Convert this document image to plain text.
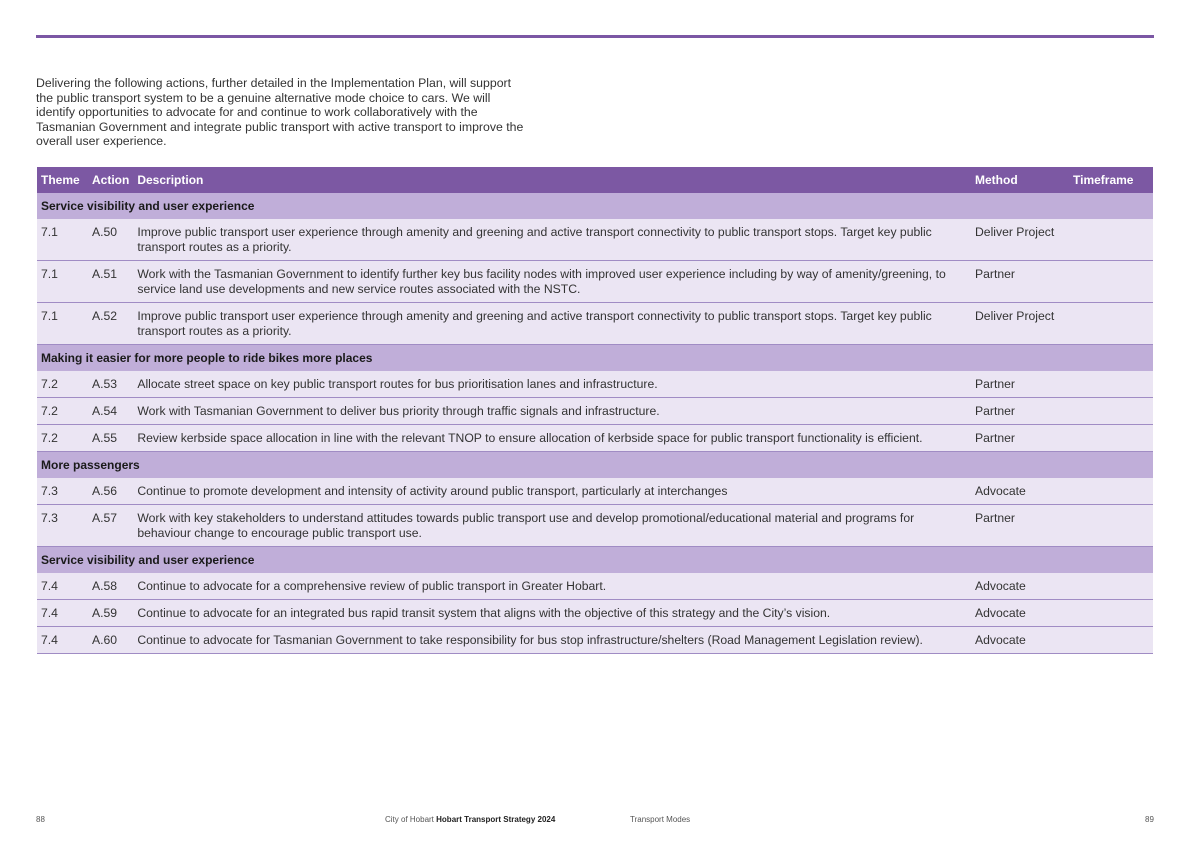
Delivering the following actions, further detailed in the Implementation Plan, will support the public transport system to be a genuine alternative mode choice to cars. We will identify opportunities to advocate for and continue to work collaboratively with the Tasmanian Government and integrate public transport with active transport to improve the overall user experience.

Theme	Action	Description	Method	Timeframe
Service visibility and user experience				
7.1	A.50	Improve public transport user experience through amenity and greening and active transport connectivity to public transport stops. Target key public transport routes as a priority.	Deliver Project	
7.1	A.51	Work with the Tasmanian Government to identify further key bus facility nodes with improved user experience including by way of amenity/greening, to service land use developments and new service routes associated with the NSTC.	Partner	
7.1	A.52	Improve public transport user experience through amenity and greening and active transport connectivity to public transport stops. Target key public transport routes as a priority.	Deliver Project	
Making it easier for more people to ride bikes more places				
7.2	A.53	Allocate street space on key public transport routes for bus prioritisation lanes and infrastructure.	Partner	
7.2	A.54	Work with Tasmanian Government to deliver bus priority through traffic signals and infrastructure.	Partner	
7.2	A.55	Review kerbside space allocation in line with the relevant TNOP to ensure allocation of kerbside space for public transport functionality is efficient.	Partner	
More passengers				
7.3	A.56	Continue to promote development and intensity of activity around public transport, particularly at interchanges	Advocate	
7.3	A.57	Work with key stakeholders to understand attitudes towards public transport use and develop promotional/educational material and programs for behaviour change to encourage public transport use.	Partner	
Service visibility and user experience				
7.4	A.58	Continue to advocate for a comprehensive review of public transport in Greater Hobart.	Advocate	
7.4	A.59	Continue to advocate for an integrated bus rapid transit system that aligns with the objective of this strategy and the City’s vision.	Advocate	
7.4	A.60	Continue to advocate for Tasmanian Government to take responsibility for bus stop infrastructure/shelters (Road Management Legislation review).	Advocate	
88	City of Hobart Hobart Transport Strategy 2024	Transport Modes	89
